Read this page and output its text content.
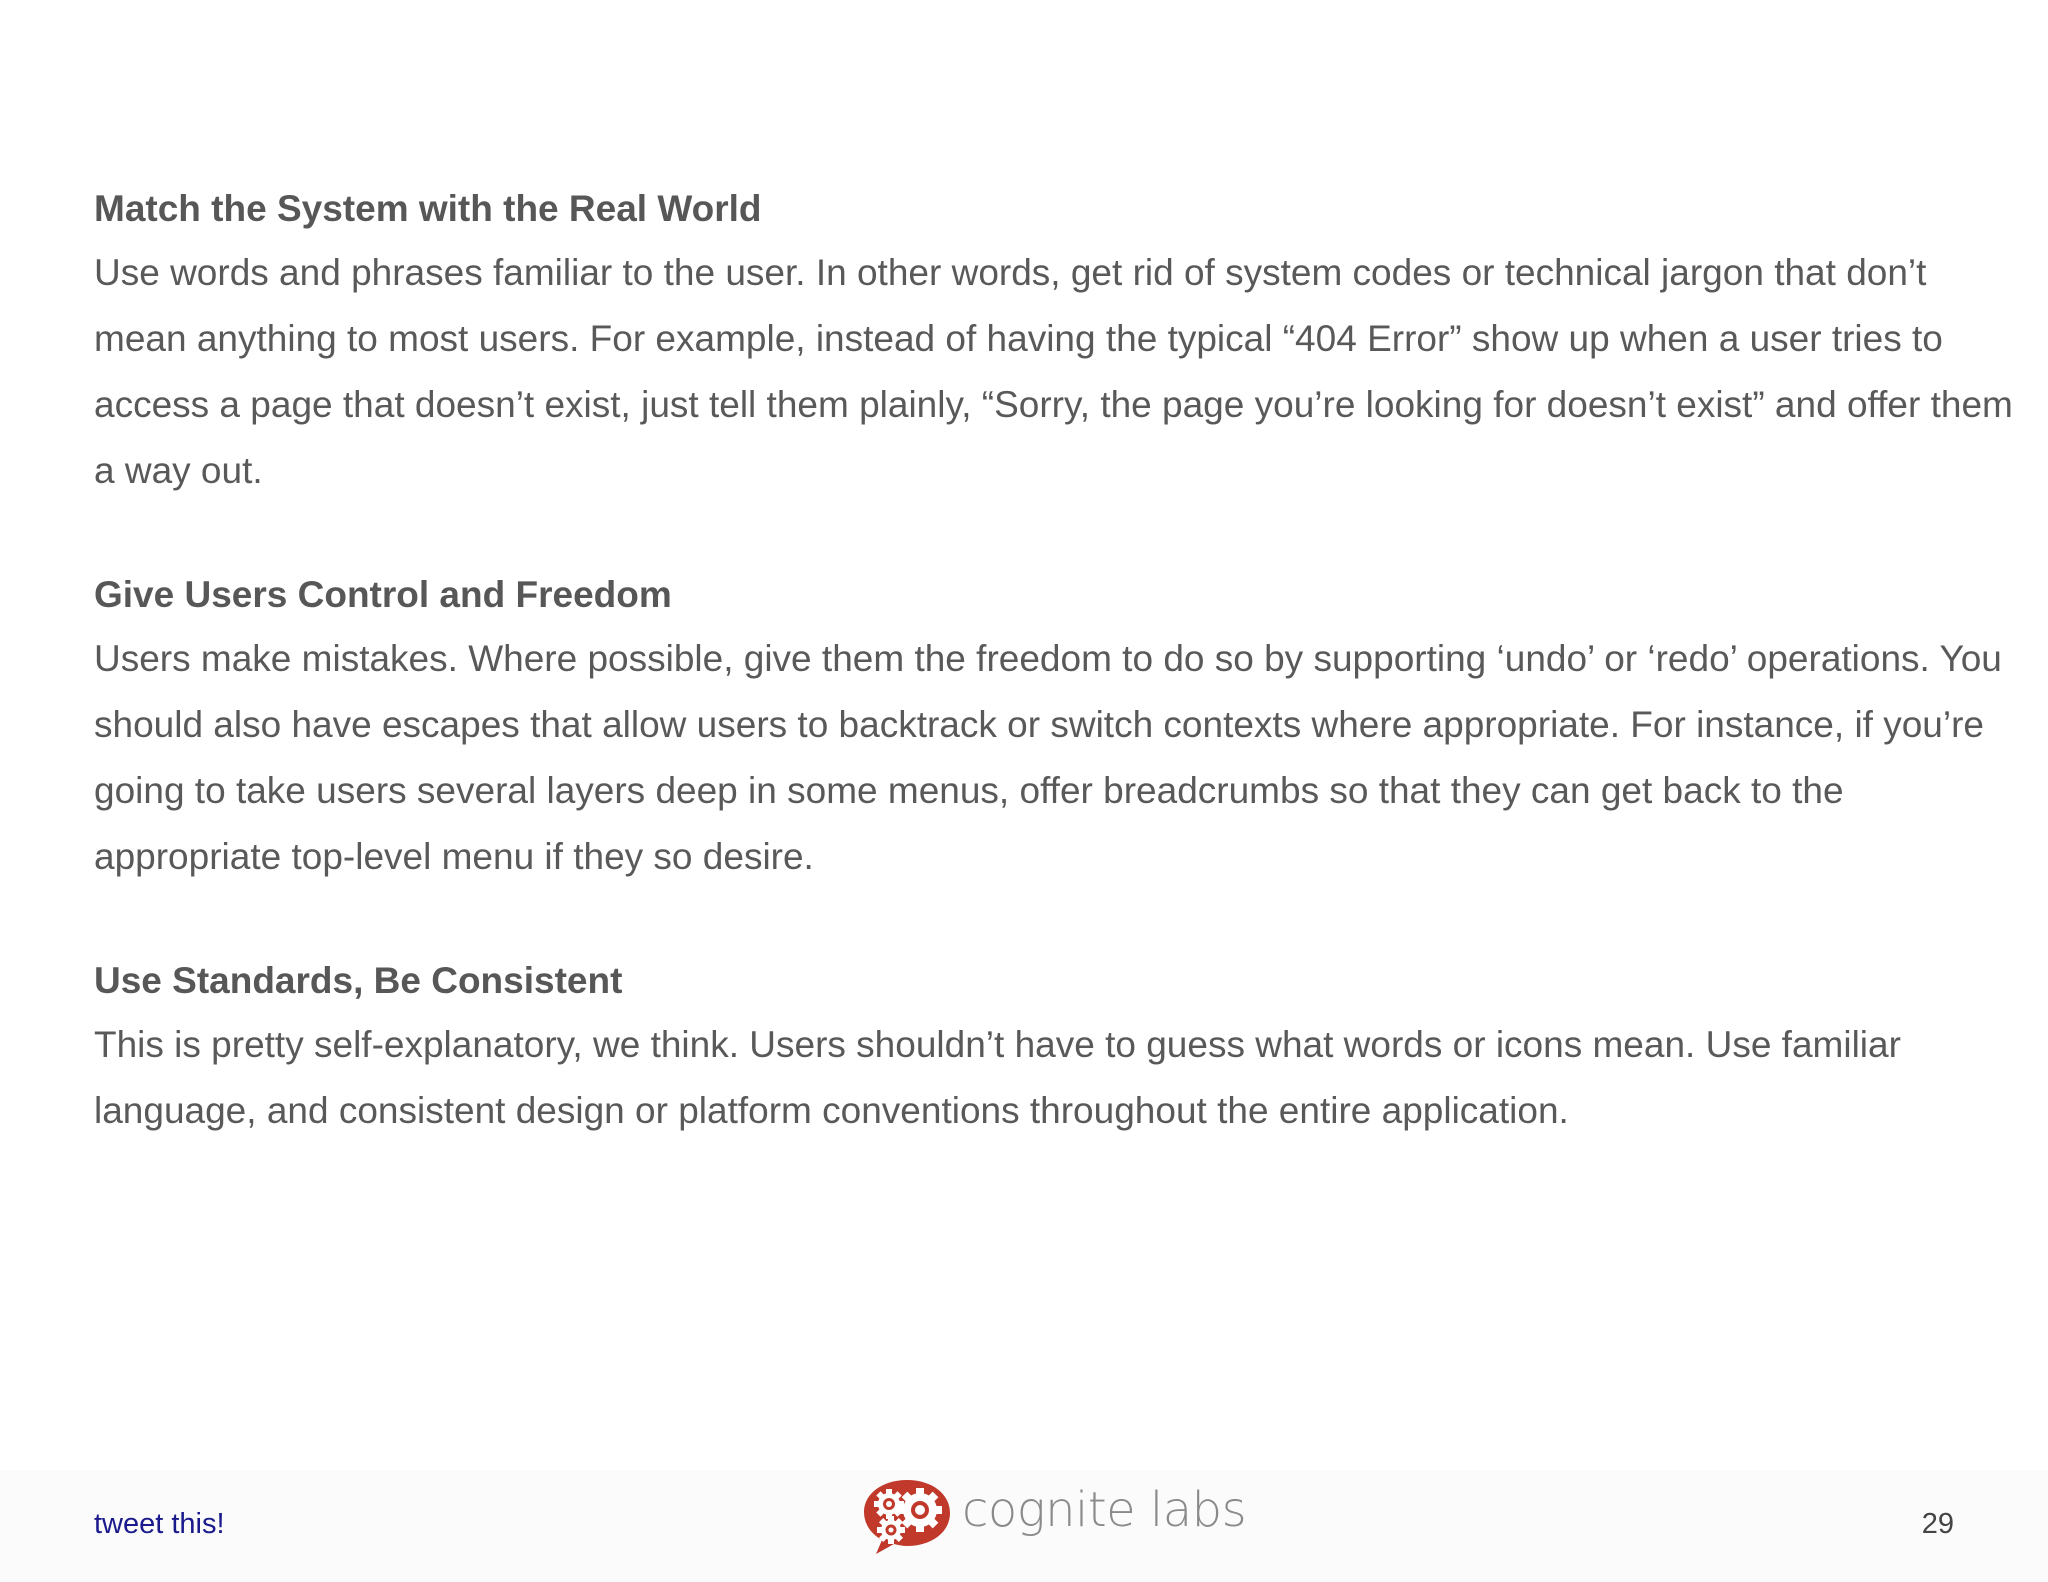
Match the System with the Real World

Use words and phrases familiar to the user. In other words, get rid of system codes or technical jargon that don’t mean anything to most users. For example, instead of having the typical “404 Error” show up when a user tries to access a page that doesn’t exist, just tell them plainly, “Sorry, the page you’re looking for doesn’t exist” and offer them a way out.

Give Users Control and Freedom

Users make mistakes. Where possible, give them the freedom to do so by supporting ‘undo’ or ‘redo’ operations. You should also have escapes that allow users to backtrack or switch contexts where appropriate. For instance, if you’re going to take users several layers deep in some menus, offer breadcrumbs so that they can get back to the appropriate top-level menu if they so desire.

Use Standards, Be Consistent

This is pretty self-explanatory, we think. Users shouldn’t have to guess what words or icons mean. Use familiar language, and consistent design or platform conventions throughout the entire application.

tweet this!	cognite labs	29
